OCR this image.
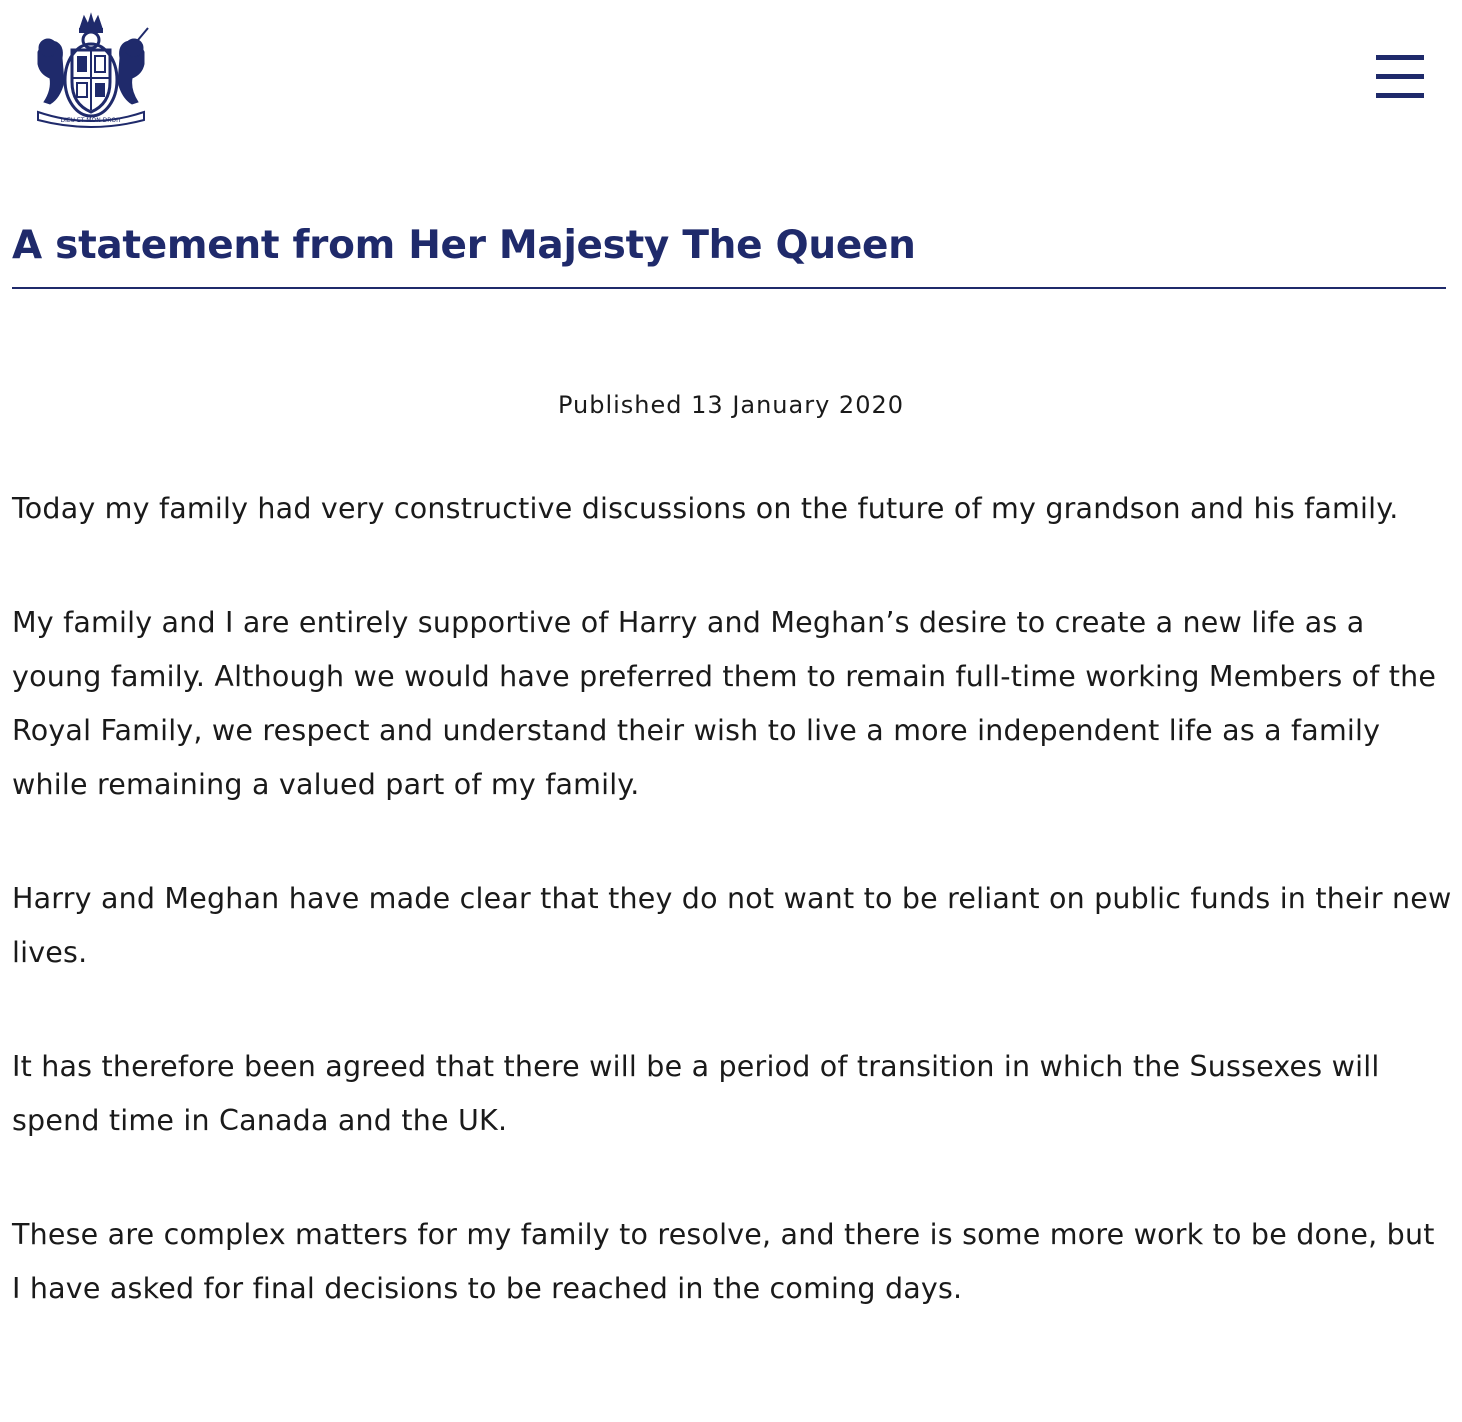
DIEU ET MON DROIT
A statement from Her Majesty The Queen
Published 13 January 2020

Today my family had very constructive discussions on the future of my grandson and his family.

My family and I are entirely supportive of Harry and Meghan’s desire to create a new life as a young family. Although we would have preferred them to remain full-time working Members of the Royal Family, we respect and understand their wish to live a more independent life as a family while remaining a valued part of my family.

Harry and Meghan have made clear that they do not want to be reliant on public funds in their new lives.

It has therefore been agreed that there will be a period of transition in which the Sussexes will spend time in Canada and the UK.

These are complex matters for my family to resolve, and there is some more work to be done, but I have asked for final decisions to be reached in the coming days.
